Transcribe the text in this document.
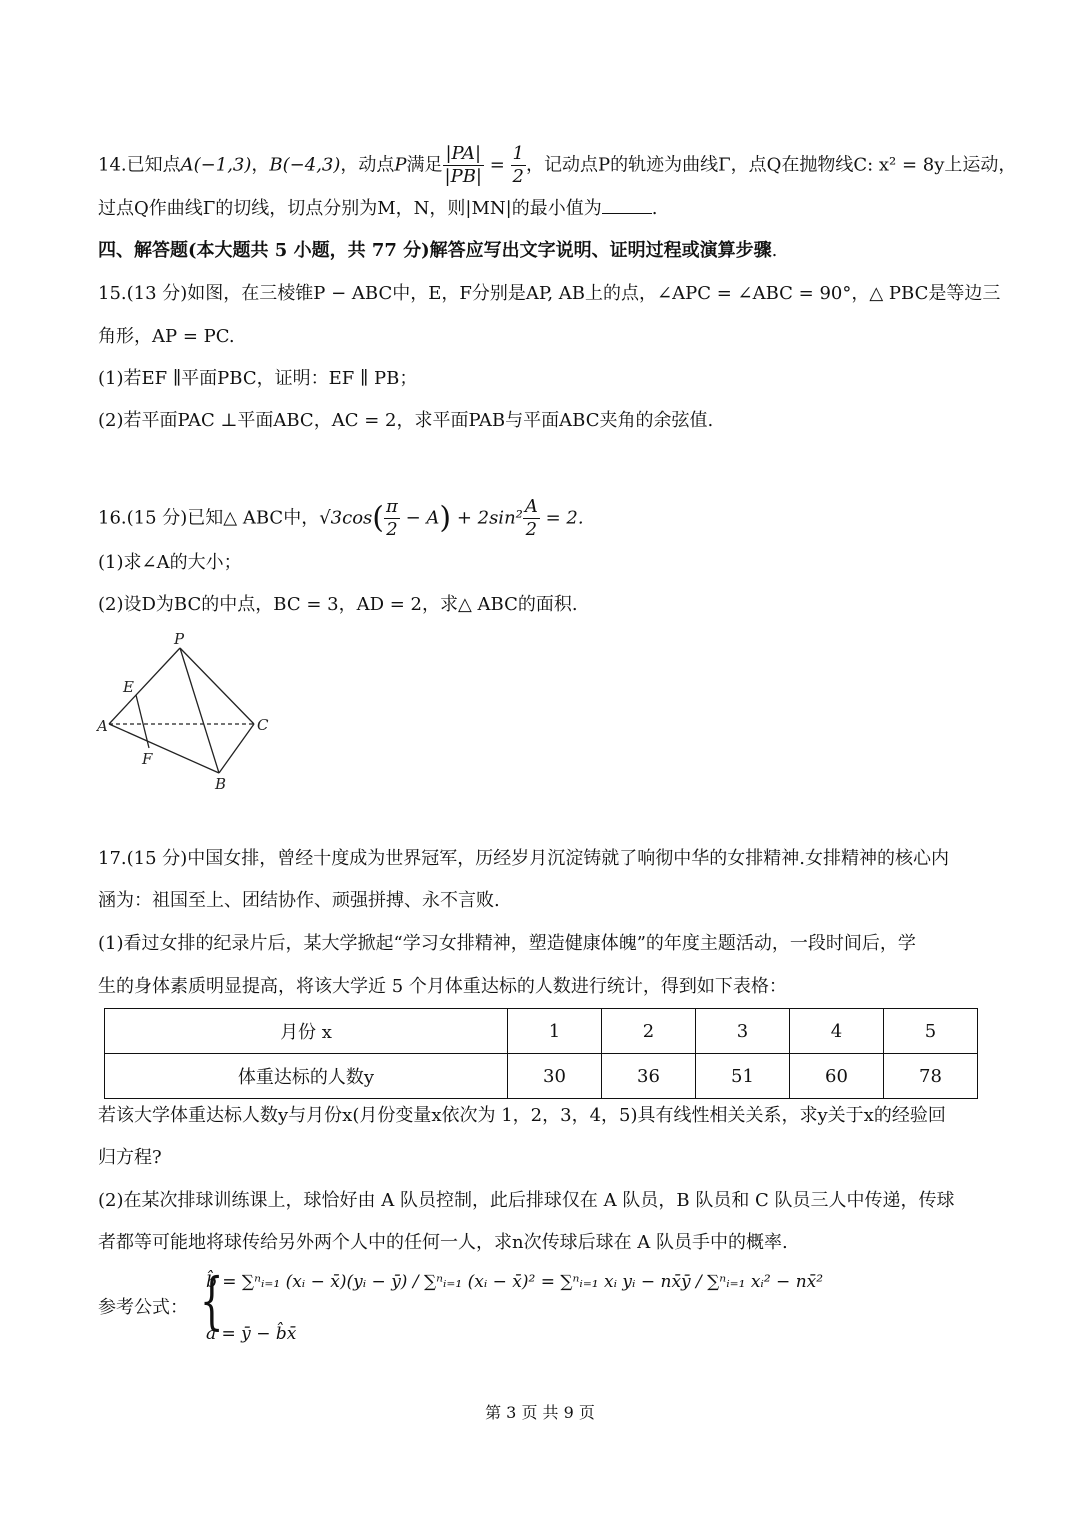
14.已知点A(−1,3)，B(−4,3)，动点P满足 $\frac{|PA|}{|PB|} = \frac{1}{2}$ ，记动点P的轨迹为曲线Γ，点Q在抛物线C: x² = 8y上运动，
过点Q作曲线Γ的切线，切点分别为M，N，则|MN|的最小值为	.
四、解答题(本大题共 5 小题，共 77 分)解答应写出文字说明、证明过程或演算步骤.
15.(13 分)如图，在三棱锥P − ABC中，E，F分别是AP, AB上的点，∠APC = ∠ABC = 90°，△ PBC是等边三
角形，AP = PC.
(1)若EF ∥平面PBC，证明：EF ∥ PB；
(2)若平面PAC ⊥平面ABC，AC = 2，求平面PAB与平面ABC夹角的余弦值.
16.(15 分)已知△ ABC中，$√3\cos( \frac{\pi}{2} - A) + 2\sin^2 \frac{A}{2} = 2$.
(1)求∠A的大小；
(2)设D为BC的中点，BC = 3，AD = 2，求△ ABC的面积.
P
E
A	C
F
B
17.(15 分)中国女排，曾经十度成为世界冠军，历经岁月沉淀铸就了响彻中华的女排精神.女排精神的核心内
涵为：祖国至上、团结协作、顽强拼搏、永不言败.
(1)看过女排的纪录片后，某大学掀起“学习女排精神，塑造健康体魄”的年度主题活动，一段时间后，学
生的身体素质明显提高，将该大学近 5 个月体重达标的人数进行统计，得到如下表格：
月份 x	1	2	3	4	5
体重达标的人数y	30	36	51	60	78
若该大学体重达标人数y与月份x(月份变量x依次为 1，2，3，4，5)具有线性相关关系，求y关于x的经验回
归方程?
(2)在某次排球训练课上，球恰好由 A 队员控制，此后排球仅在 A 队员，B 队员和 C 队员三人中传递，传球
者都等可能地将球传给另外两个人中的任何一人，求n次传球后球在 A 队员手中的概率.
参考公式： {
b̂ = ∑ⁿᵢ₌₁ (xᵢ − x̄)(yᵢ − ȳ) / ∑ⁿᵢ₌₁ (xᵢ − x̄)² = ∑ⁿᵢ₌₁ xᵢ yᵢ − nx̄ȳ / ∑ⁿᵢ₌₁ xᵢ² − nx̄²
a = ȳ − b̂x̄
第 3 页 共 9 页
